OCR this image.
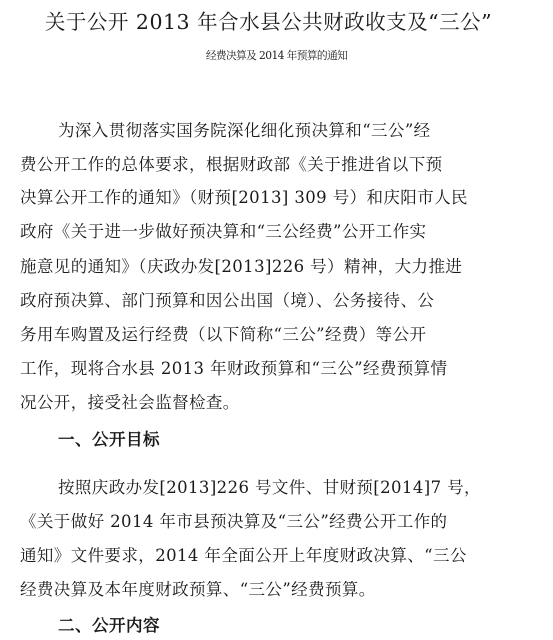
关于公开 2013 年合水县公共财政收支及“三公”
经费决算及 2014 年预算的通知
为深入贯彻落实国务院深化细化预决算和“三公”经
费公开工作的总体要求，根据财政部《关于推进省以下预
决算公开工作的通知》（财预[2013] 309 号）和庆阳市人民
政府《关于进一步做好预决算和“三公经费”公开工作实
施意见的通知》（庆政办发[2013]226 号）精神，大力推进
政府预决算、部门预算和因公出国（境）、公务接待、公
务用车购置及运行经费（以下简称“三公”经费）等公开
工作，现将合水县 2013 年财政预算和“三公”经费预算情
况公开，接受社会监督检查。
一、公开目标
按照庆政办发[2013]226 号文件、甘财预[2014]7 号，
《关于做好 2014 年市县预决算及“三公”经费公开工作的
通知》文件要求，2014 年全面公开上年度财政决算、“三公
经费决算及本年度财政预算、“三公”经费预算。
二、公开内容
